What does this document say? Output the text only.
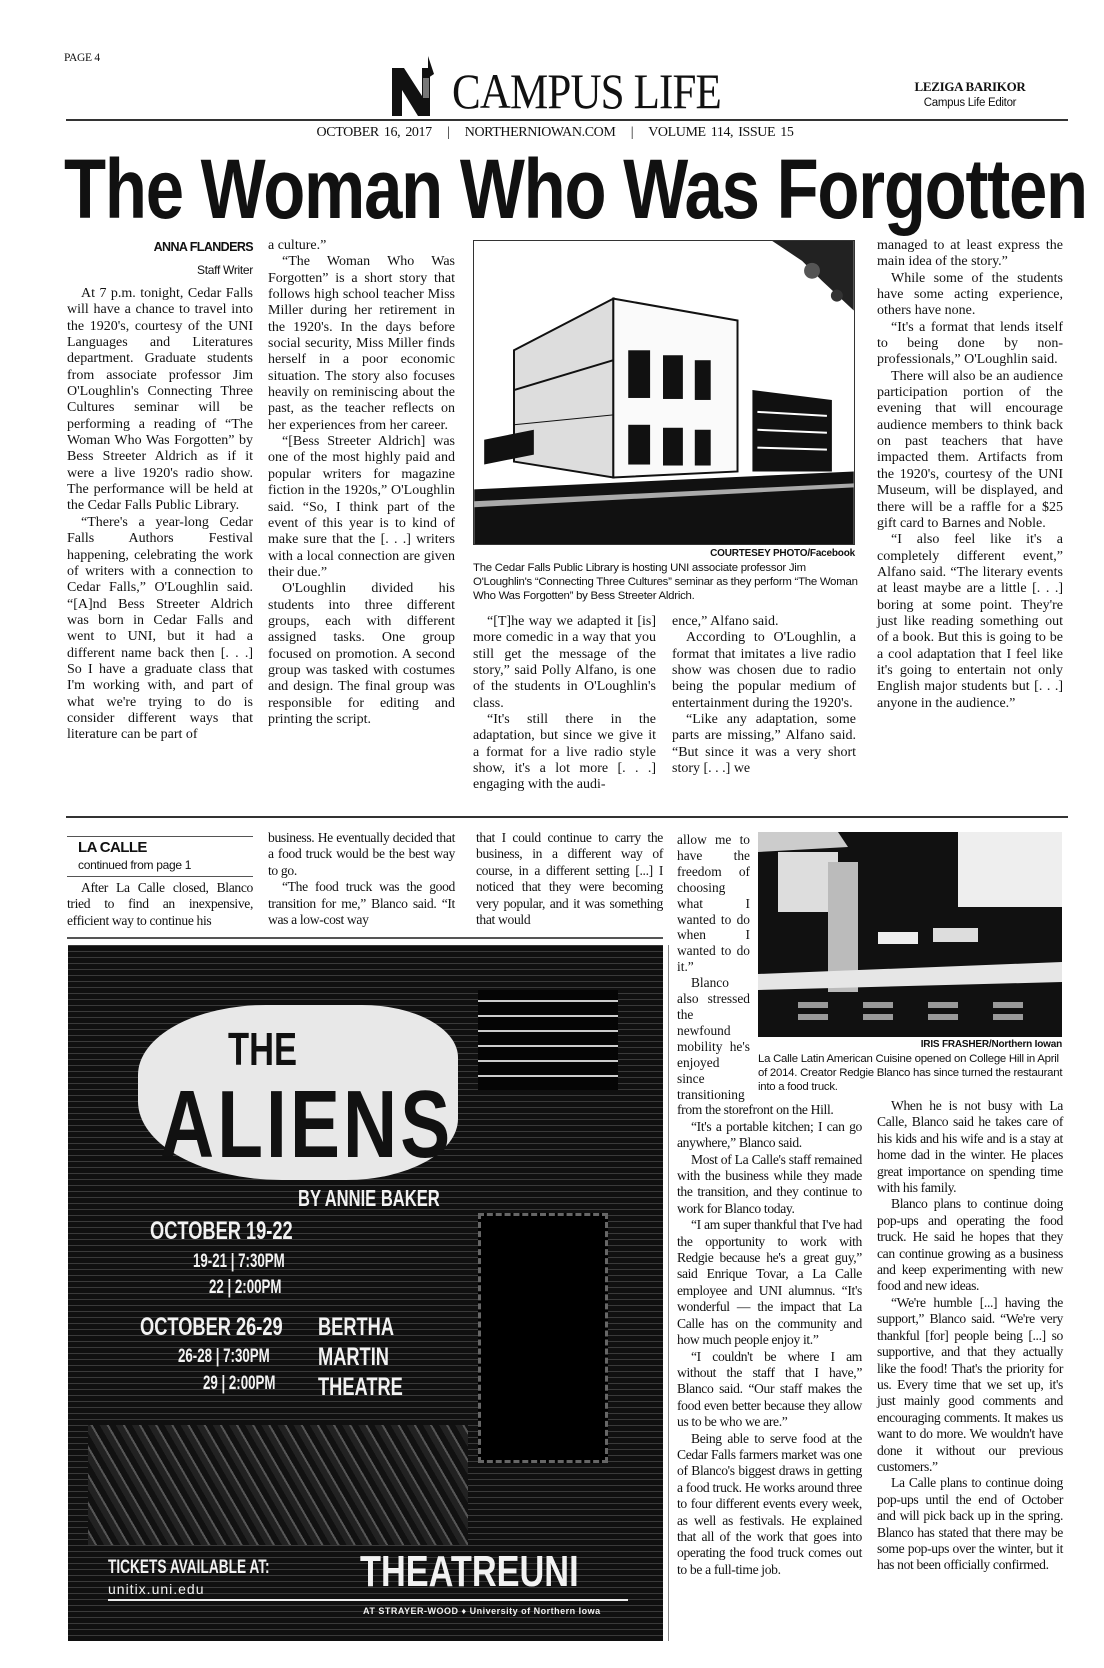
PAGE 4
CAMPUS LIFE	LEZIGA BARIKOR
Campus Life Editor
OCTOBER 16, 2017 | NORTHERNIOWAN.COM | VOLUME 114, ISSUE 15
The Woman Who Was Forgotten
ANNA FLANDERS
Staff Writer

At 7 p.m. tonight, Cedar Falls will have a chance to travel into the 1920's, courtesy of the UNI Languages and Literatures department. Graduate students from associate professor Jim O'Loughlin's Connecting Three Cultures seminar will be performing a reading of “The Woman Who Was Forgotten” by Bess Streeter Aldrich as if it were a live 1920's radio show. The performance will be held at the Cedar Falls Public Library.

“There's a year-long Cedar Falls Authors Festival happening, celebrating the work of writers with a connection to Cedar Falls,” O'Loughlin said. “[A]nd Bess Streeter Aldrich was born in Cedar Falls and went to UNI, but it had a different name back then [. . .] So I have a graduate class that I'm working with, and part of what we're trying to do is consider different ways that literature can be part of

a culture.”

“The Woman Who Was Forgotten” is a short story that follows high school teacher Miss Miller during her retirement in the 1920's. In the days before social security, Miss Miller finds herself in a poor economic situation. The story also focuses heavily on reminiscing about the past, as the teacher reflects on her experiences from her career.

“[Bess Streeter Aldrich] was one of the most highly paid and popular writers for magazine fiction in the 1920s,” O'Loughlin said. “So, I think part of the event of this year is to kind of make sure that the [. . .] writers with a local connection are given their due.”

O'Loughlin divided his students into three different groups, each with different assigned tasks. One group focused on promotion. A second group was tasked with costumes and design. The final group was responsible for editing and printing the script.

COURTESEY PHOTO/Facebook
The Cedar Falls Public Library is hosting UNI associate professor Jim O'Loughlin's “Connecting Three Cultures” seminar as they perform “The Woman Who Was Forgotten” by Bess Streeter Aldrich.

“[T]he way we adapted it [is] more comedic in a way that you still get the message of the story,” said Polly Alfano, is one of the students in O'Loughlin's class.

“It's still there in the adaptation, but since we give it a format for a live radio style show, it's a lot more [. . .] engaging with the audi-

ence,” Alfano said.

According to O'Loughlin, a format that imitates a live radio show was chosen due to radio being the popular medium of entertainment during the 1920's.

“Like any adaptation, some parts are missing,” Alfano said. “But since it was a very short story [. . .] we

managed to at least express the main idea of the story.”

While some of the students have some acting experience, others have none.

“It's a format that lends itself to being done by non-professionals,” O'Loughlin said.

There will also be an audience participation portion of the evening that will encourage audience members to think back on past teachers that have impacted them. Artifacts from the 1920's, courtesy of the UNI Museum, will be displayed, and there will be a raffle for a $25 gift card to Barnes and Noble.

“I also feel like it's a completely different event,” Alfano said. “The literary events at least maybe are a little [. . .] boring at some point. They're just like reading something out of a book. But this is going to be a cool adaptation that I feel like it's going to entertain not only English major students but [. . .] anyone in the audience.”

LA CALLE
continued from page 1

After La Calle closed, Blanco tried to find an inexpensive, efficient way to continue his

business. He eventually decided that a food truck would be the best way to go.

“The food truck was the good transition for me,” Blanco said. “It was a low-cost way

that I could continue to carry the business, in a different way of course, in a different setting [...] I noticed that they were becoming very popular, and it was something that would

allow me to have the freedom of choosing what I wanted to do when I wanted to do it.”

Blanco also stressed the newfound mobility he's enjoyed since transitioning

from the storefront on the Hill.

“It's a portable kitchen; I can go anywhere,” Blanco said.

Most of La Calle's staff remained with the business while they made the transition, and they continue to work for Blanco today.

“I am super thankful that I've had the opportunity to work with Redgie because he's a great guy,” said Enrique Tovar, a La Calle employee and UNI alumnus. “It's wonderful — the impact that La Calle has on the community and how much people enjoy it.”

“I couldn't be where I am without the staff that I have,” Blanco said. “Our staff makes the food even better because they allow us to be who we are.”

Being able to serve food at the Cedar Falls farmers market was one of Blanco's biggest draws in getting a food truck. He works around three to four different events every week, as well as festivals. He explained that all of the work that goes into operating the food truck comes out to be a full-time job.

IRIS FRASHER/Northern Iowan
La Calle Latin American Cuisine opened on College Hill in April of 2014. Creator Redgie Blanco has since turned the restaurant into a food truck.

When he is not busy with La Calle, Blanco said he takes care of his kids and his wife and is a stay at home dad in the winter. He places great importance on spending time with his family.

Blanco plans to continue doing pop-ups and operating the food truck. He said he hopes that they can continue growing as a business and keep experimenting with new food and new ideas.

“We're humble [...] having the support,” Blanco said. “We're very thankful [for] people being [...] so supportive, and that they actually like the food! That's the priority for us. Every time that we set up, it's just mainly good comments and encouraging comments. It makes us want to do more. We wouldn't have done it without our previous customers.”

La Calle plans to continue doing pop-ups until the end of October and will pick back up in the spring. Blanco has stated that there may be some pop-ups over the winter, but it has not been officially confirmed.

THE
ALIENS
BY ANNIE BAKER
OCTOBER 19-22
19-21 | 7:30PM
22 | 2:00PM
OCTOBER 26-29
26-28 | 7:30PM
29 | 2:00PM
BERTHA
MARTIN
THEATRE
TICKETS AVAILABLE AT:
unitix.uni.edu	THEATREUNI
AT STRAYER-WOOD ♦ University of Northern Iowa
